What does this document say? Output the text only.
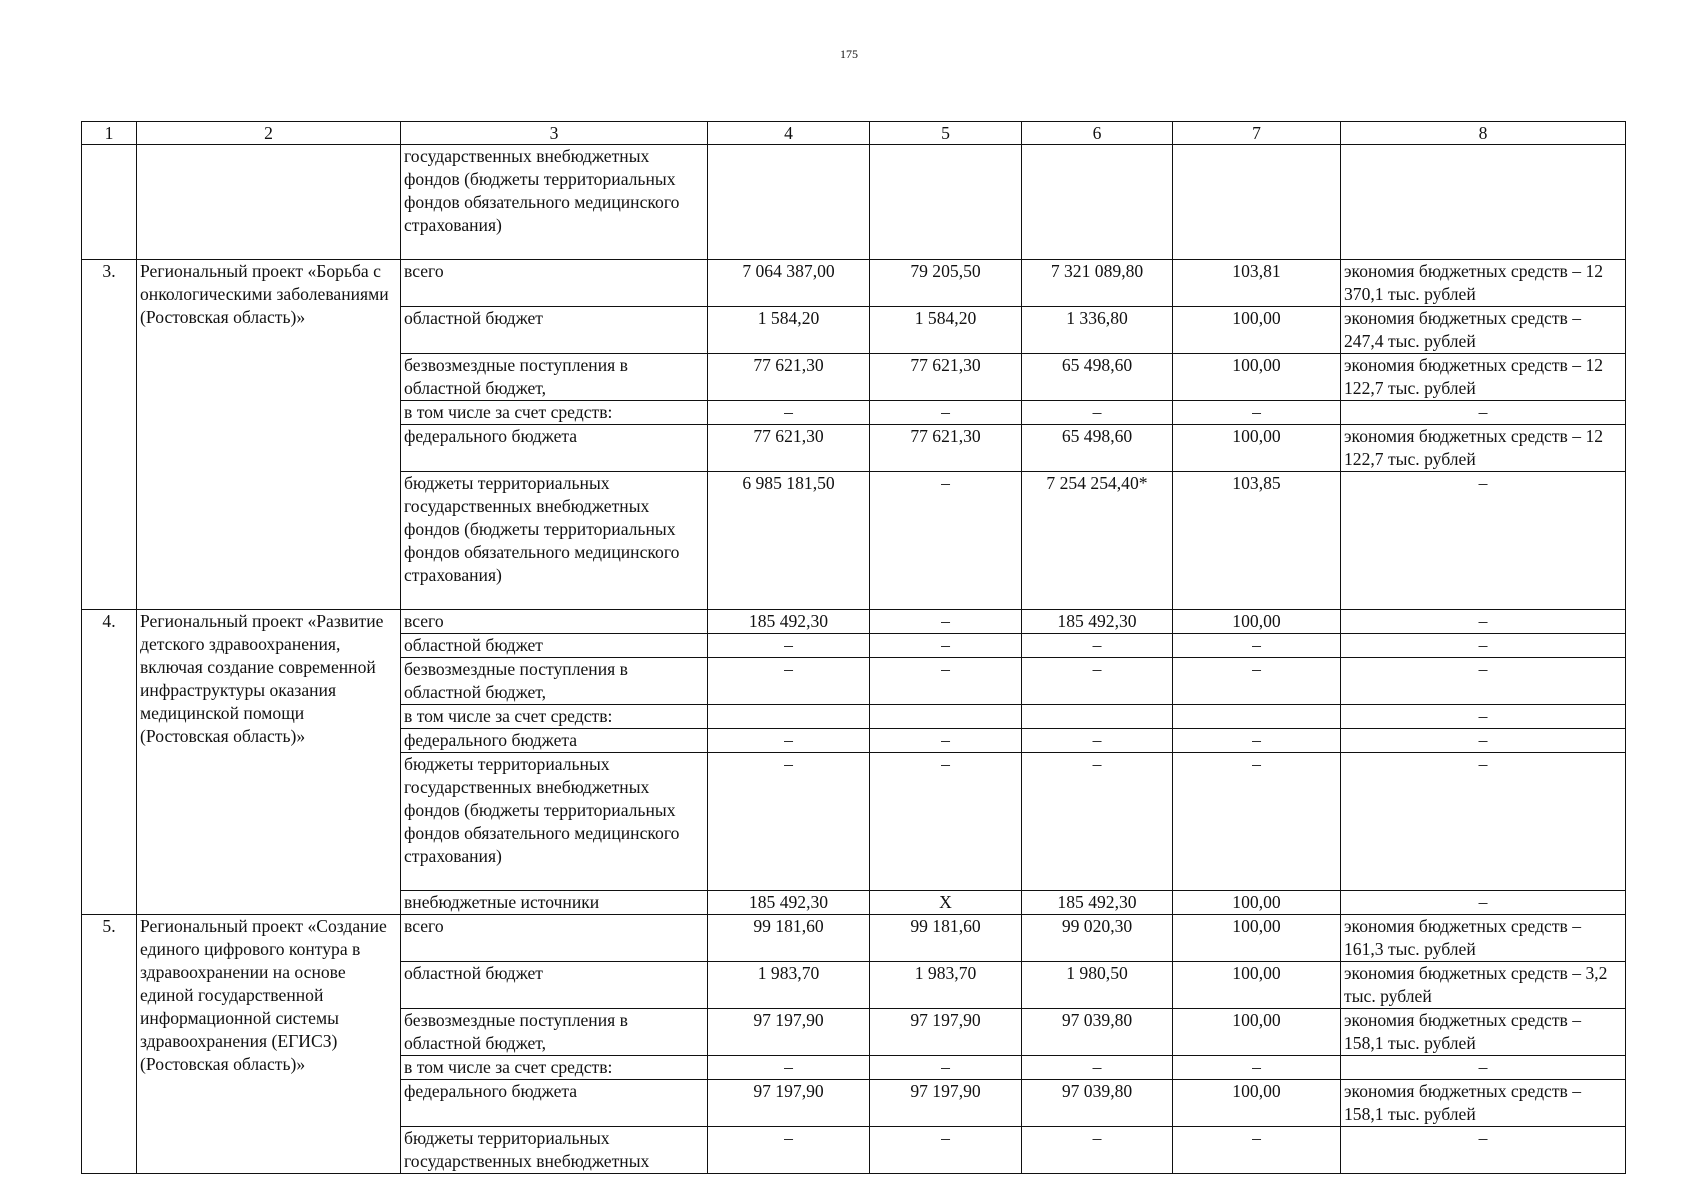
175
1	2	3	4	5	6	7	8
		государственных внебюджетных фондов (бюджеты территориальных фондов обязательного медицинского страхования)					
3.	Региональный проект «Борьба с онкологическими заболеваниями (Ростовская область)»	всего	7 064 387,00	79 205,50	7 321 089,80	103,81	экономия бюджетных средств – 12 370,1 тыс. рублей
		областной бюджет	1 584,20	1 584,20	1 336,80	100,00	экономия бюджетных средств – 247,4 тыс. рублей
		безвозмездные поступления в областной бюджет,	77 621,30	77 621,30	65 498,60	100,00	экономия бюджетных средств – 12 122,7 тыс. рублей
		в том числе за счет средств:	–	–	–	–	–
		федерального бюджета	77 621,30	77 621,30	65 498,60	100,00	экономия бюджетных средств – 12 122,7 тыс. рублей
		бюджеты территориальных государственных внебюджетных фондов (бюджеты территориальных фондов обязательного медицинского страхования)	6 985 181,50	–	7 254 254,40*	103,85	–
4.	Региональный проект «Развитие детского здравоохранения, включая создание современной инфраструктуры оказания медицинской помощи (Ростовская область)»	всего	185 492,30	–	185 492,30	100,00	–
		областной бюджет	–	–	–	–	–
		безвозмездные поступления в областной бюджет,	–	–	–	–	–
		в том числе за счет средств:					–
		федерального бюджета	–	–	–	–	–
		бюджеты территориальных государственных внебюджетных фондов (бюджеты территориальных фондов обязательного медицинского страхования)	–	–	–	–	–
		внебюджетные источники	185 492,30	X	185 492,30	100,00	–
5.	Региональный проект «Создание единого цифрового контура в здравоохранении на основе единой государственной информационной системы здравоохранения (ЕГИСЗ) (Ростовская область)»	всего	99 181,60	99 181,60	99 020,30	100,00	экономия бюджетных средств – 161,3 тыс. рублей
		областной бюджет	1 983,70	1 983,70	1 980,50	100,00	экономия бюджетных средств – 3,2 тыс. рублей
		безвозмездные поступления в областной бюджет,	97 197,90	97 197,90	97 039,80	100,00	экономия бюджетных средств – 158,1 тыс. рублей
		в том числе за счет средств:	–	–	–	–	–
		федерального бюджета	97 197,90	97 197,90	97 039,80	100,00	экономия бюджетных средств – 158,1 тыс. рублей
		бюджеты территориальных государственных внебюджетных	–	–	–	–	–
